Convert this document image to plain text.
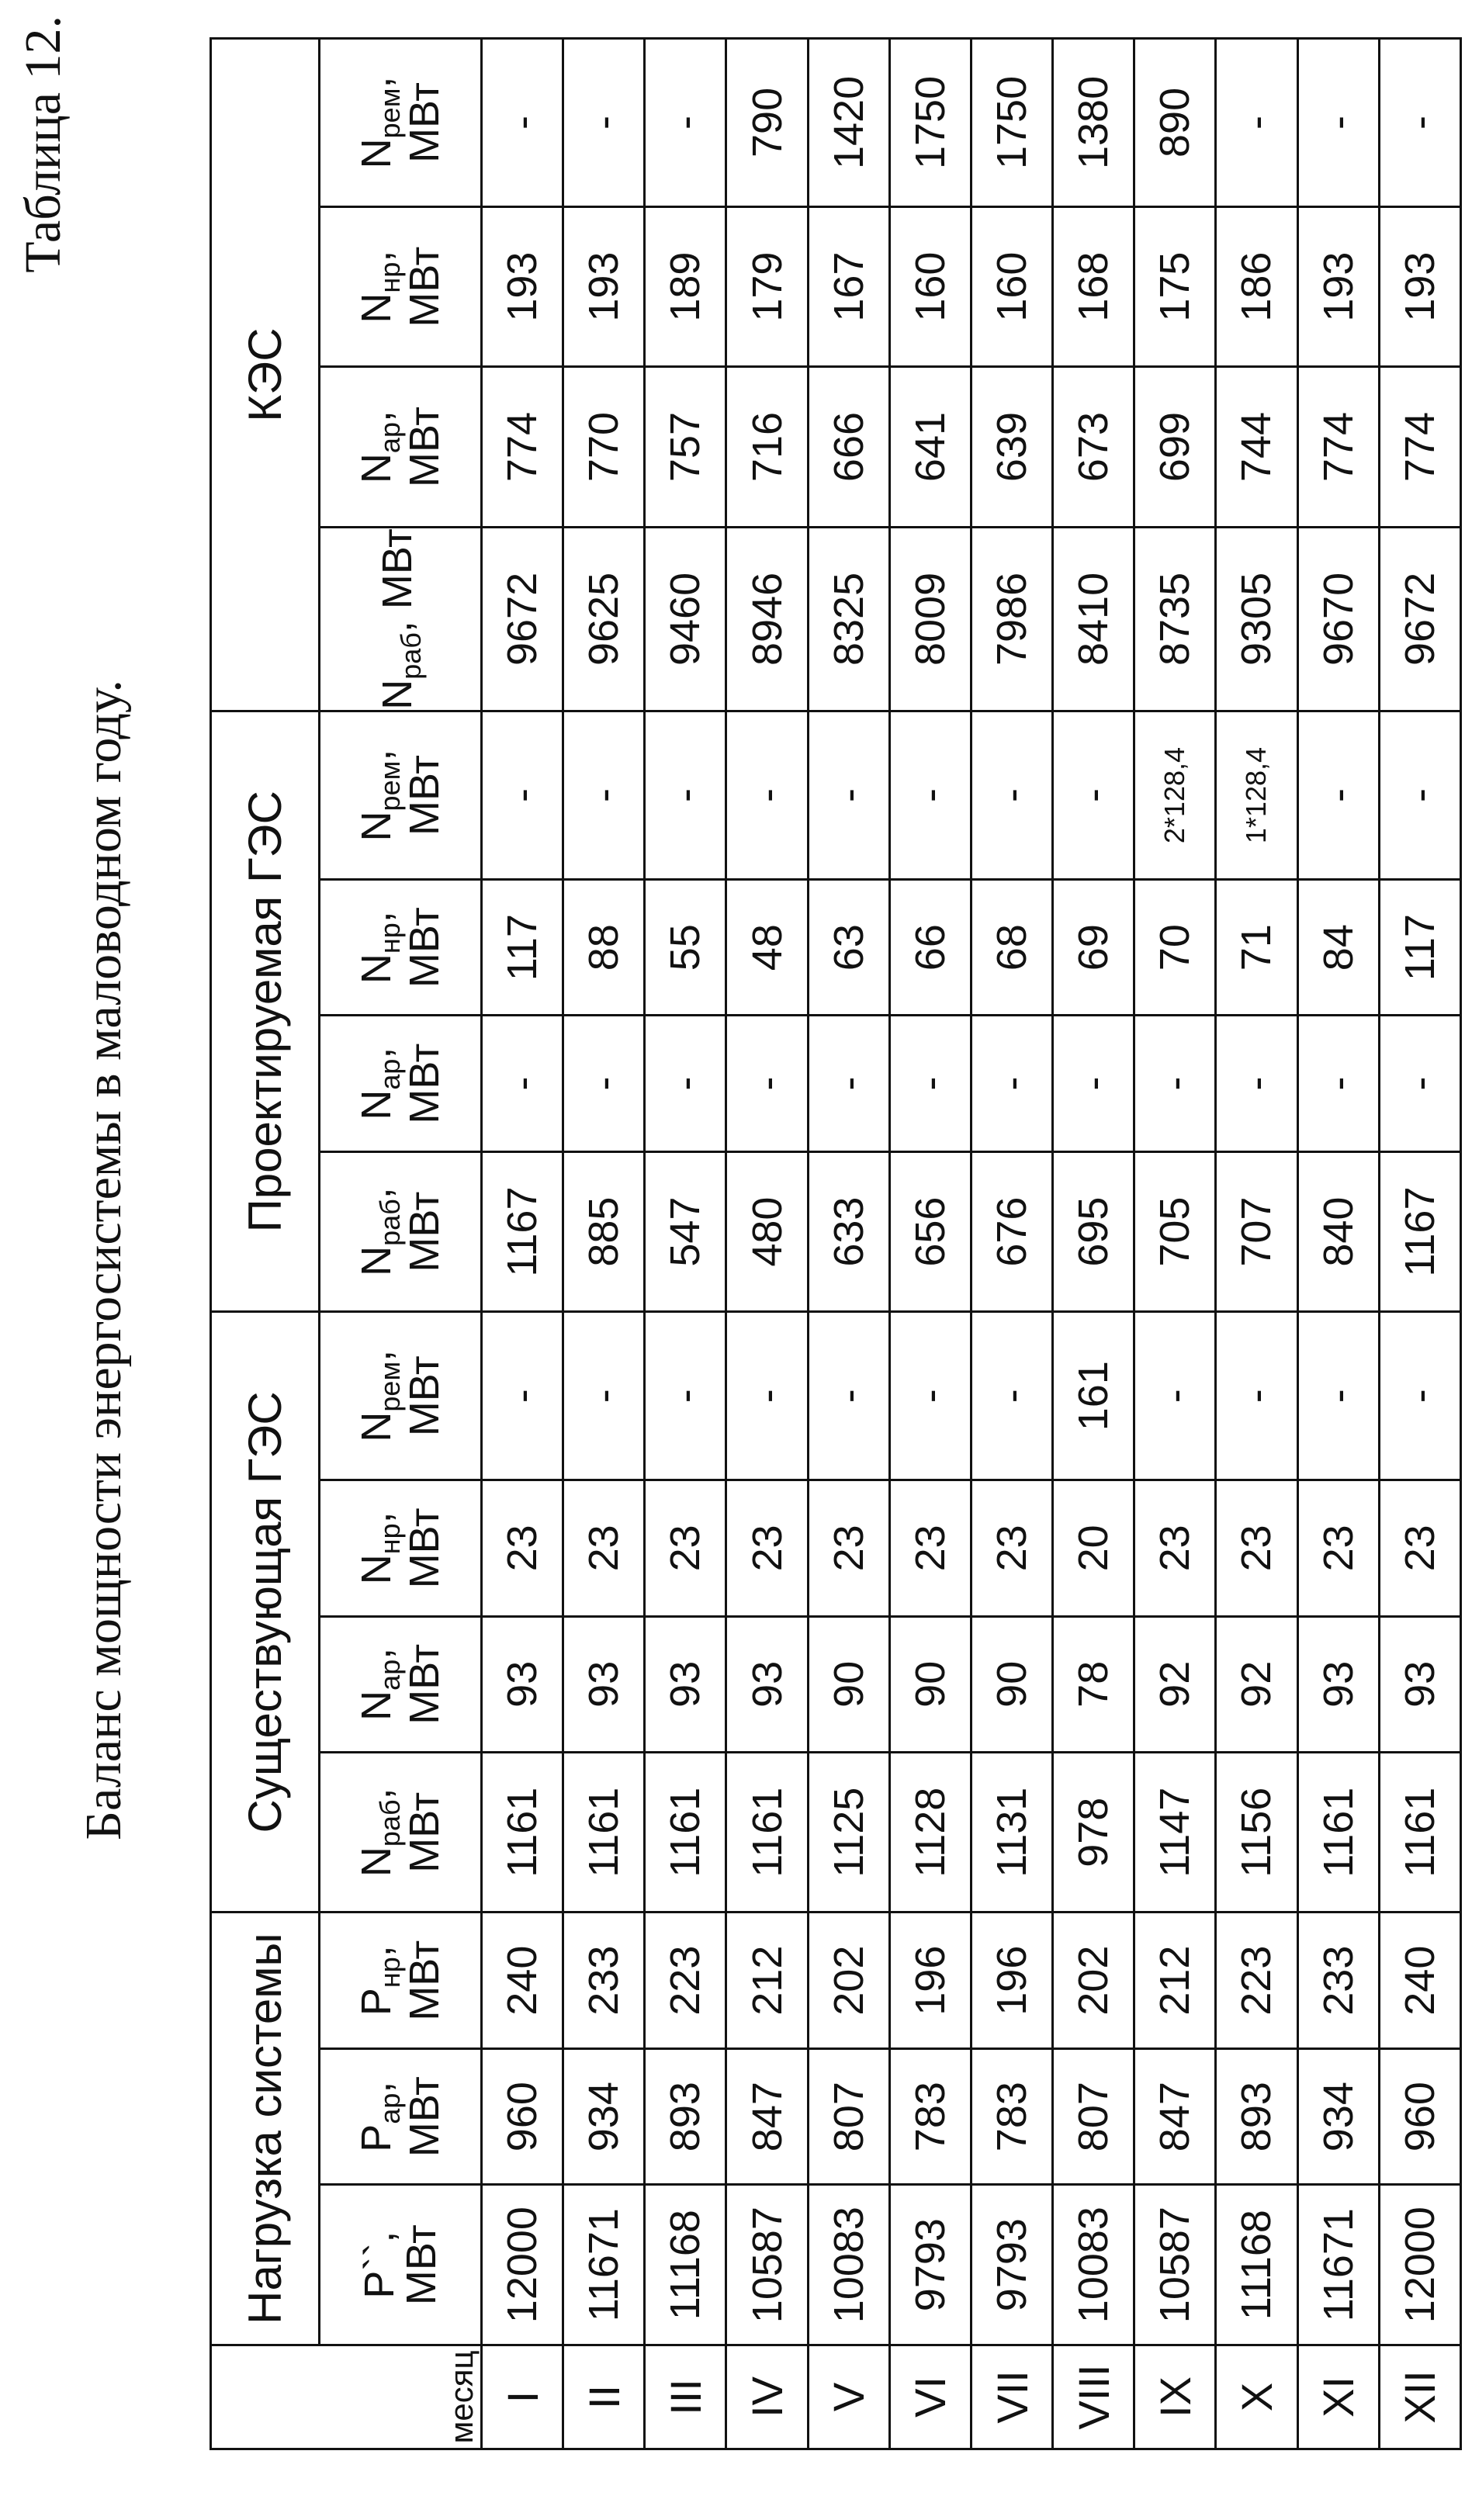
Таблица 12.
Баланс мощности энергосистемы в маловодном году.
месяц	Нагрузка системы			Существующая ГЭС				Проектируемая ГЭС				КЭС			
	P``, МВт	$P_{ар}$, МВт	$P_{нр}$, МВт	$N_{раб}$, МВт	$N_{ар}$, МВт	$N_{нр}$, МВт	$N_{рем}$, МВт	$N_{раб}$, МВт	$N_{ар}$, МВт	$N_{нр}$, МВт	$N_{рем}$, МВт	$N_{раб}$, МВт	$N_{ар}$, МВт	$N_{нр}$, МВт	$N_{рем}$, МВт
I	12000	960	240	1161	93	23	-	1167	-	117	-	9672	774	193	-
II	11671	934	233	1161	93	23	-	885	-	88	-	9625	770	193	-
III	11168	893	223	1161	93	23	-	547	-	55	-	9460	757	189	-
IV	10587	847	212	1161	93	23	-	480	-	48	-	8946	716	179	790
V	10083	807	202	1125	90	23	-	633	-	63	-	8325	666	167	1420
VI	9793	783	196	1128	90	23	-	656	-	66	-	8009	641	160	1750
VII	9793	783	196	1131	90	23	-	676	-	68	-	7986	639	160	1750
VIII	10083	807	202	978	78	20	161	695	-	69	-	8410	673	168	1380
IX	10587	847	212	1147	92	23	-	705	-	70	2*128,4	8735	699	175	890
X	11168	893	223	1156	92	23	-	707	-	71	1*128,4	9305	744	186	-
XI	11671	934	233	1161	93	23	-	840	-	84	-	9670	774	193	-
XII	12000	960	240	1161	93	23	-	1167	-	117	-	9672	774	193	-
